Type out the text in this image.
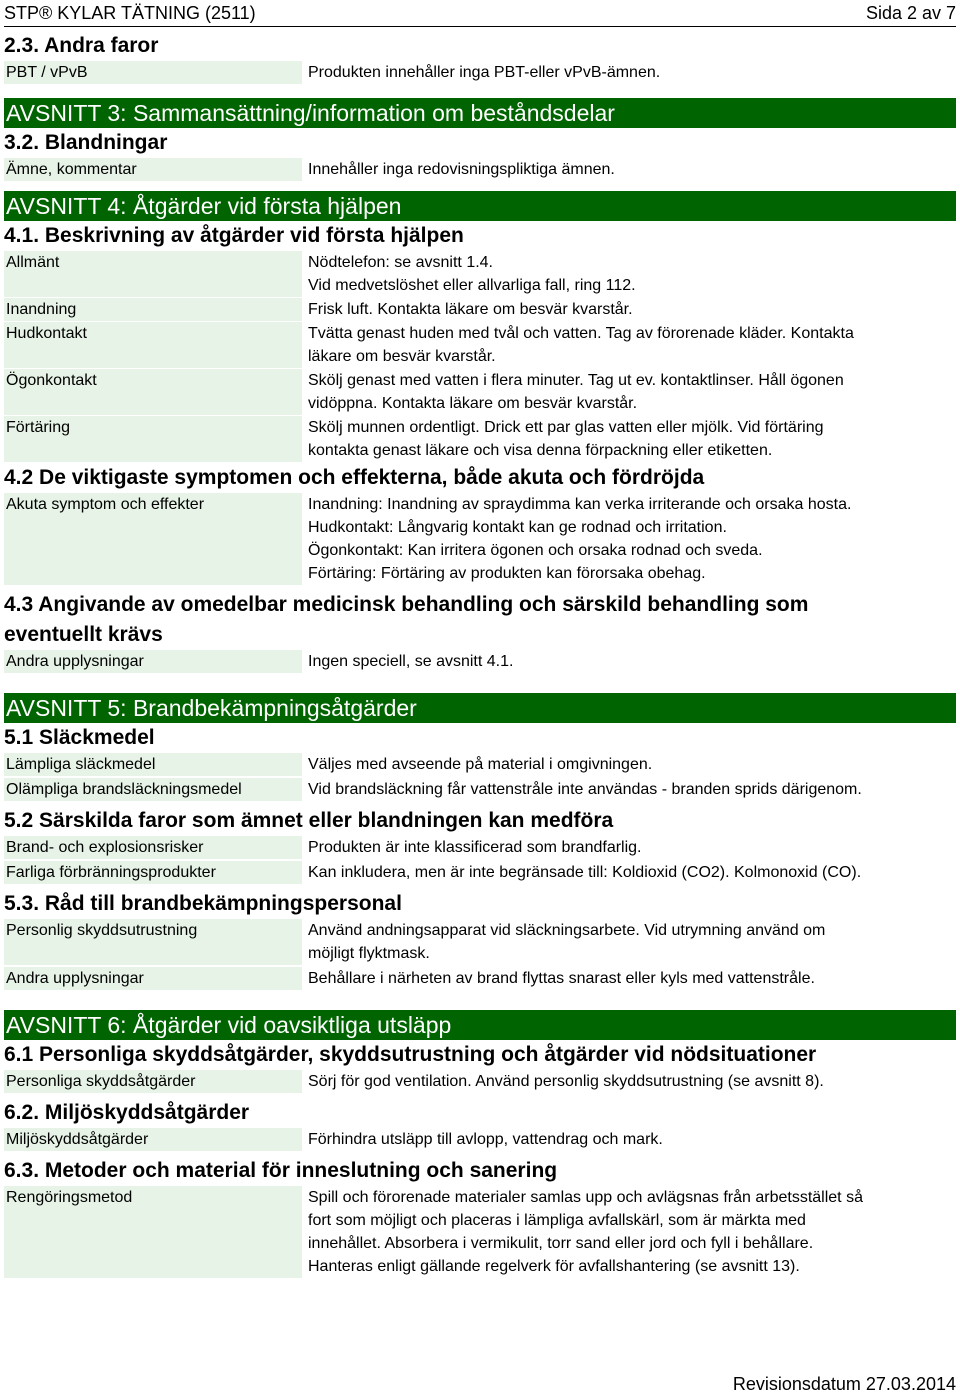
STP® KYLAR TÄTNING (2511)	Sida 2 av 7
2.3. Andra faror
PBT / vPvB	Produkten innehåller inga PBT-eller vPvB-ämnen.
AVSNITT 3: Sammansättning/information om beståndsdelar
3.2. Blandningar
Ämne, kommentar	Innehåller inga redovisningspliktiga ämnen.
AVSNITT 4: Åtgärder vid första hjälpen
4.1. Beskrivning av åtgärder vid första hjälpen
Allmänt	Nödtelefon: se avsnitt 1.4.
Vid medvetslöshet eller allvarliga fall, ring 112.
Inandning	Frisk luft. Kontakta läkare om besvär kvarstår.
Hudkontakt	Tvätta genast huden med tvål och vatten. Tag av förorenade kläder. Kontakta
läkare om besvär kvarstår.
Ögonkontakt	Skölj genast med vatten i flera minuter. Tag ut ev. kontaktlinser. Håll ögonen
vidöppna. Kontakta läkare om besvär kvarstår.
Förtäring	Skölj munnen ordentligt. Drick ett par glas vatten eller mjölk. Vid förtäring
kontakta genast läkare och visa denna förpackning eller etiketten.
4.2 De viktigaste symptomen och effekterna, både akuta och fördröjda
Akuta symptom och effekter	Inandning: Inandning av spraydimma kan verka irriterande och orsaka hosta.
Hudkontakt: Långvarig kontakt kan ge rodnad och irritation.
Ögonkontakt: Kan irritera ögonen och orsaka rodnad och sveda.
Förtäring: Förtäring av produkten kan förorsaka obehag.
4.3 Angivande av omedelbar medicinsk behandling och särskild behandling som
eventuellt krävs
Andra upplysningar	Ingen speciell, se avsnitt 4.1.
AVSNITT 5: Brandbekämpningsåtgärder
5.1 Släckmedel
Lämpliga släckmedel	Väljes med avseende på material i omgivningen.
Olämpliga brandsläckningsmedel	Vid brandsläckning får vattenstråle inte användas - branden sprids därigenom.
5.2 Särskilda faror som ämnet eller blandningen kan medföra
Brand- och explosionsrisker	Produkten är inte klassificerad som brandfarlig.
Farliga förbränningsprodukter	Kan inkludera, men är inte begränsade till: Koldioxid (CO2). Kolmonoxid (CO).
5.3. Råd till brandbekämpningspersonal
Personlig skyddsutrustning	Använd andningsapparat vid släckningsarbete. Vid utrymning använd om
möjligt flyktmask.
Andra upplysningar	Behållare i närheten av brand flyttas snarast eller kyls med vattenstråle.
AVSNITT 6: Åtgärder vid oavsiktliga utsläpp
6.1 Personliga skyddsåtgärder, skyddsutrustning och åtgärder vid nödsituationer
Personliga skyddsåtgärder	Sörj för god ventilation. Använd personlig skyddsutrustning (se avsnitt 8).
6.2. Miljöskyddsåtgärder
Miljöskyddsåtgärder	Förhindra utsläpp till avlopp, vattendrag och mark.
6.3. Metoder och material för inneslutning och sanering
Rengöringsmetod	Spill och förorenade materialer samlas upp och avlägsnas från arbetsstället så
fort som möjligt och placeras i lämpliga avfallskärl, som är märkta med
innehållet. Absorbera i vermikulit, torr sand eller jord och fyll i behållare.
Hanteras enligt gällande regelverk för avfallshantering (se avsnitt 13).
Revisionsdatum 27.03.2014
